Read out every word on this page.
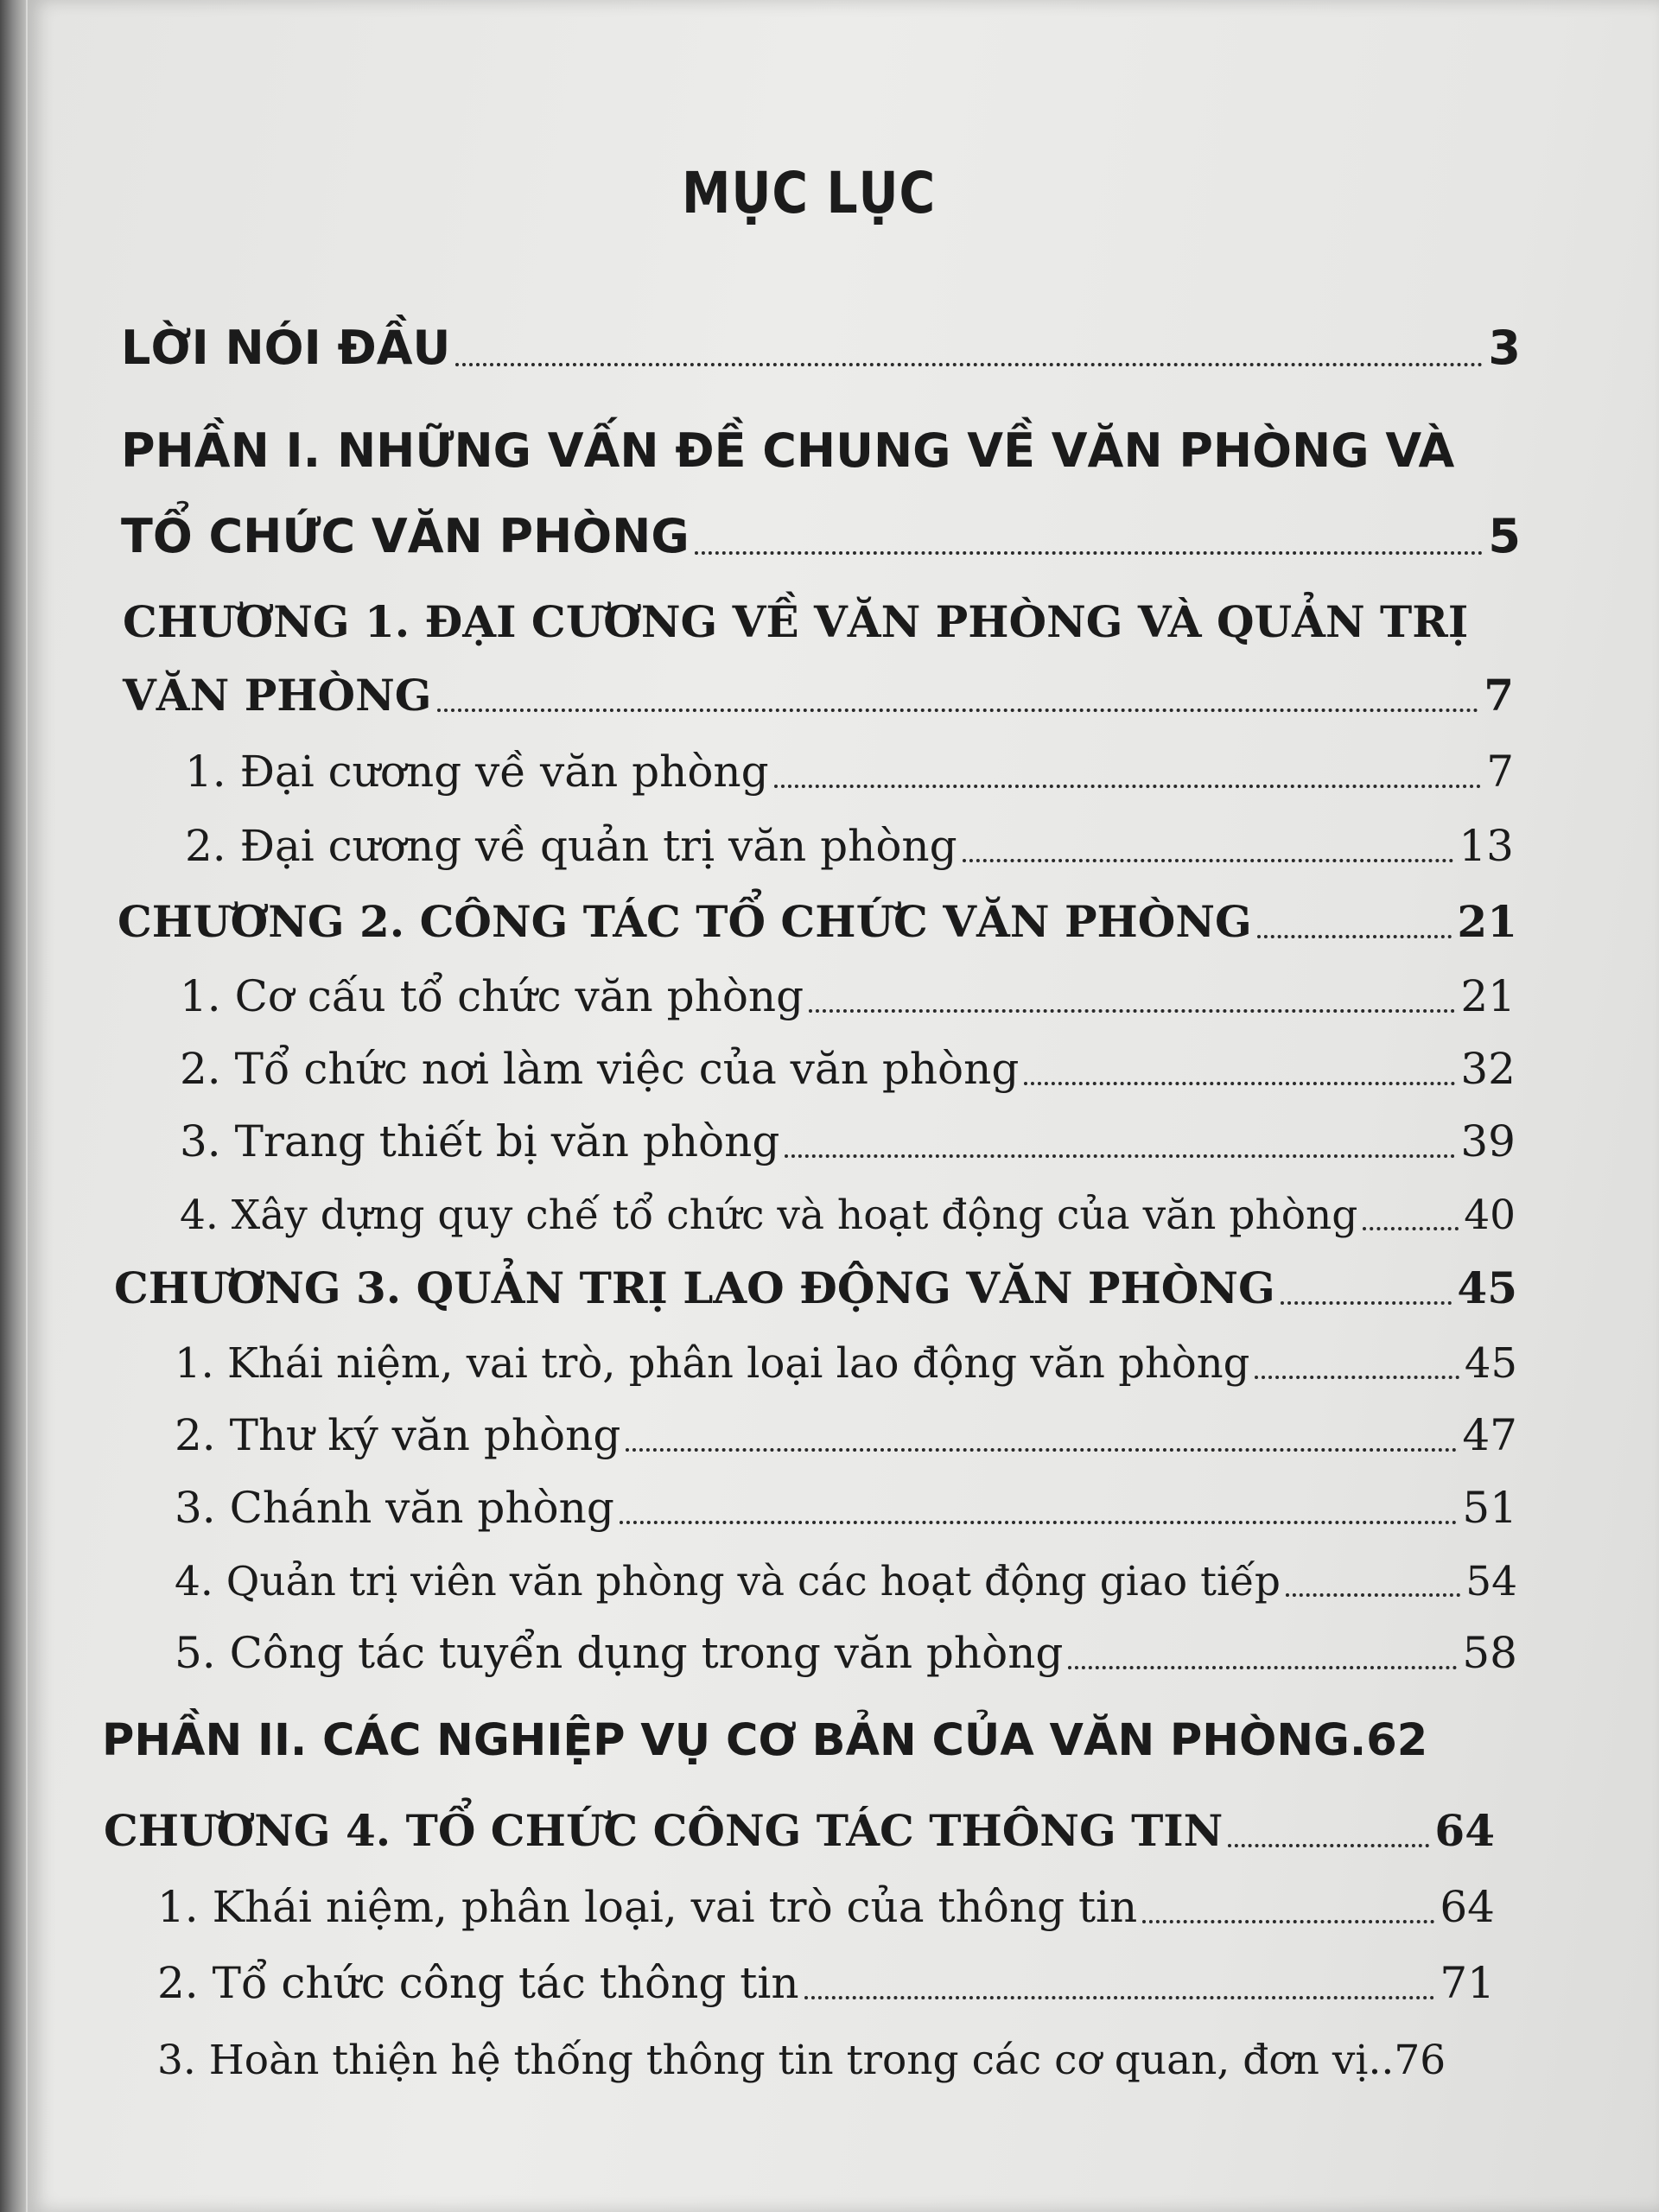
MỤC LỤC
LỜI NÓI ĐẦU	3
PHẦN I. NHỮNG VẤN ĐỀ CHUNG VỀ VĂN PHÒNG VÀ
TỔ CHỨC VĂN PHÒNG	5
CHƯƠNG 1. ĐẠI CƯƠNG VỀ VĂN PHÒNG VÀ QUẢN TRỊ
VĂN PHÒNG	7
1. Đại cương về văn phòng	7
2. Đại cương về quản trị văn phòng	13
CHƯƠNG 2. CÔNG TÁC TỔ CHỨC VĂN PHÒNG	21
1. Cơ cấu tổ chức văn phòng	21
2. Tổ chức nơi làm việc của văn phòng	32
3. Trang thiết bị văn phòng	39
4. Xây dựng quy chế tổ chức và hoạt động của văn phòng	40
CHƯƠNG 3. QUẢN TRỊ LAO ĐỘNG VĂN PHÒNG	45
1. Khái niệm, vai trò, phân loại lao động văn phòng	45
2. Thư ký văn phòng	47
3. Chánh văn phòng	51
4. Quản trị viên văn phòng và các hoạt động giao tiếp	54
5. Công tác tuyển dụng trong văn phòng	58
PHẦN II. CÁC NGHIỆP VỤ CƠ BẢN CỦA VĂN PHÒNG . 62
CHƯƠNG 4. TỔ CHỨC CÔNG TÁC THÔNG TIN	64
1. Khái niệm, phân loại, vai trò của thông tin	64
2. Tổ chức công tác thông tin	71
3. Hoàn thiện hệ thống thông tin trong các cơ quan, đơn vị .. 76
